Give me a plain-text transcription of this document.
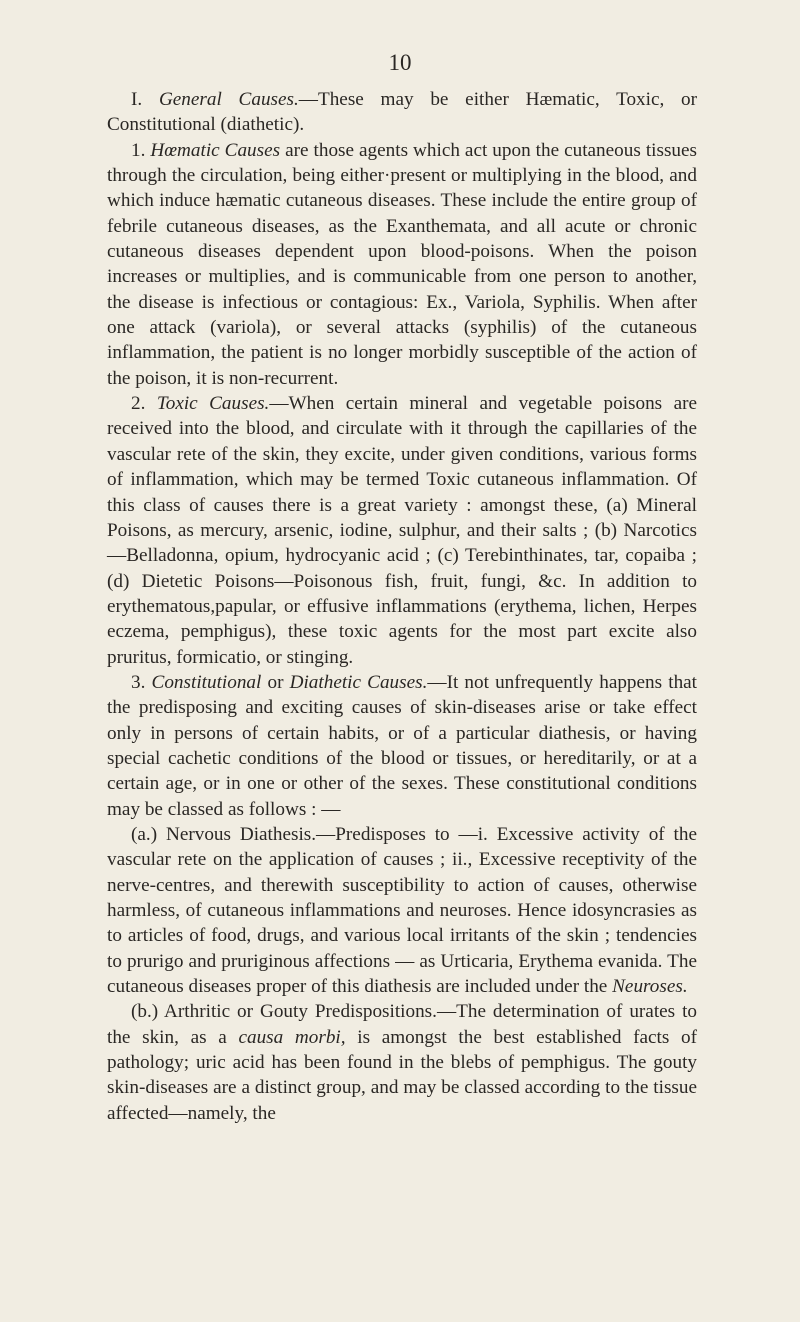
10

I. General Causes.—These may be either Hæmatic, Toxic, or Constitutional (diathetic).

1. Hœmatic Causes are those agents which act upon the cutaneous tissues through the circulation, being either·present or multiplying in the blood, and which induce hæmatic cutaneous diseases. These include the entire group of febrile cutaneous diseases, as the Exanthemata, and all acute or chronic cutaneous diseases dependent upon blood-poisons. When the poison increases or multiplies, and is communicable from one person to another, the disease is infectious or contagious: Ex., Variola, Syphilis. When after one attack (variola), or several attacks (syphilis) of the cutaneous inflammation, the patient is no longer morbidly susceptible of the action of the poison, it is non-recurrent.

2. Toxic Causes.—When certain mineral and vegetable poisons are received into the blood, and circulate with it through the capillaries of the vascular rete of the skin, they excite, under given conditions, various forms of inflammation, which may be termed Toxic cutaneous inflammation. Of this class of causes there is a great variety : amongst these, (a) Mineral Poisons, as mercury, arsenic, iodine, sulphur, and their salts ; (b) Narcotics—Belladonna, opium, hydrocyanic acid ; (c) Terebinthinates, tar, copaiba ; (d) Dietetic Poisons—Poisonous fish, fruit, fungi, &c. In addition to erythematous,papular, or effusive inflammations (erythema, lichen, Herpes eczema, pemphigus), these toxic agents for the most part excite also pruritus, formicatio, or stinging.

3. Constitutional or Diathetic Causes.—It not unfrequently happens that the predisposing and exciting causes of skin-diseases arise or take effect only in persons of certain habits, or of a particular diathesis, or having special cachetic conditions of the blood or tissues, or hereditarily, or at a certain age, or in one or other of the sexes. These constitutional conditions may be classed as follows : —

(a.) Nervous Diathesis.—Predisposes to —i. Excessive activity of the vascular rete on the application of causes ; ii., Excessive receptivity of the nerve-centres, and therewith susceptibility to action of causes, otherwise harmless, of cutaneous inflammations and neuroses. Hence idosyncrasies as to articles of food, drugs, and various local irritants of the skin ; tendencies to prurigo and pruriginous affections — as Urticaria, Erythema evanida. The cutaneous diseases proper of this diathesis are included under the Neuroses.

(b.) Arthritic or Gouty Predispositions.—The determination of urates to the skin, as a causa morbi, is amongst the best established facts of pathology; uric acid has been found in the blebs of pemphigus. The gouty skin-diseases are a distinct group, and may be classed according to the tissue affected—namely, the
